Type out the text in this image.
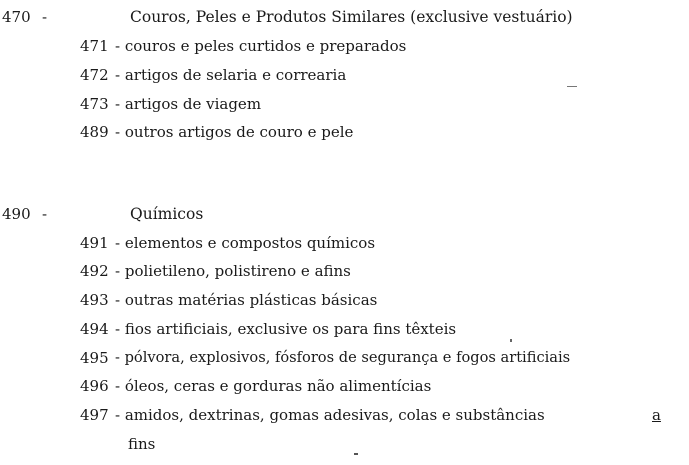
470 -	Couros, Peles e Produtos Similares (exclusive vestuário)
471 - couros e peles curtidos e preparados
472 - artigos de selaria e correaria
473 - artigos de viagem
489 - outros artigos de couro e pele
490 -	Químicos
491 - elementos e compostos químicos
492 - polietileno, polistireno e afins
493 - outras matérias plásticas básicas
494 - fios artificiais, exclusive os para fins têxteis
495 - pólvora, explosivos, fósforos de segurança e fogos artificiais
496 - óleos, ceras e gorduras não alimentícias
497 - amidos, dextrinas, gomas adesivas, colas e substâncias	a
fins
